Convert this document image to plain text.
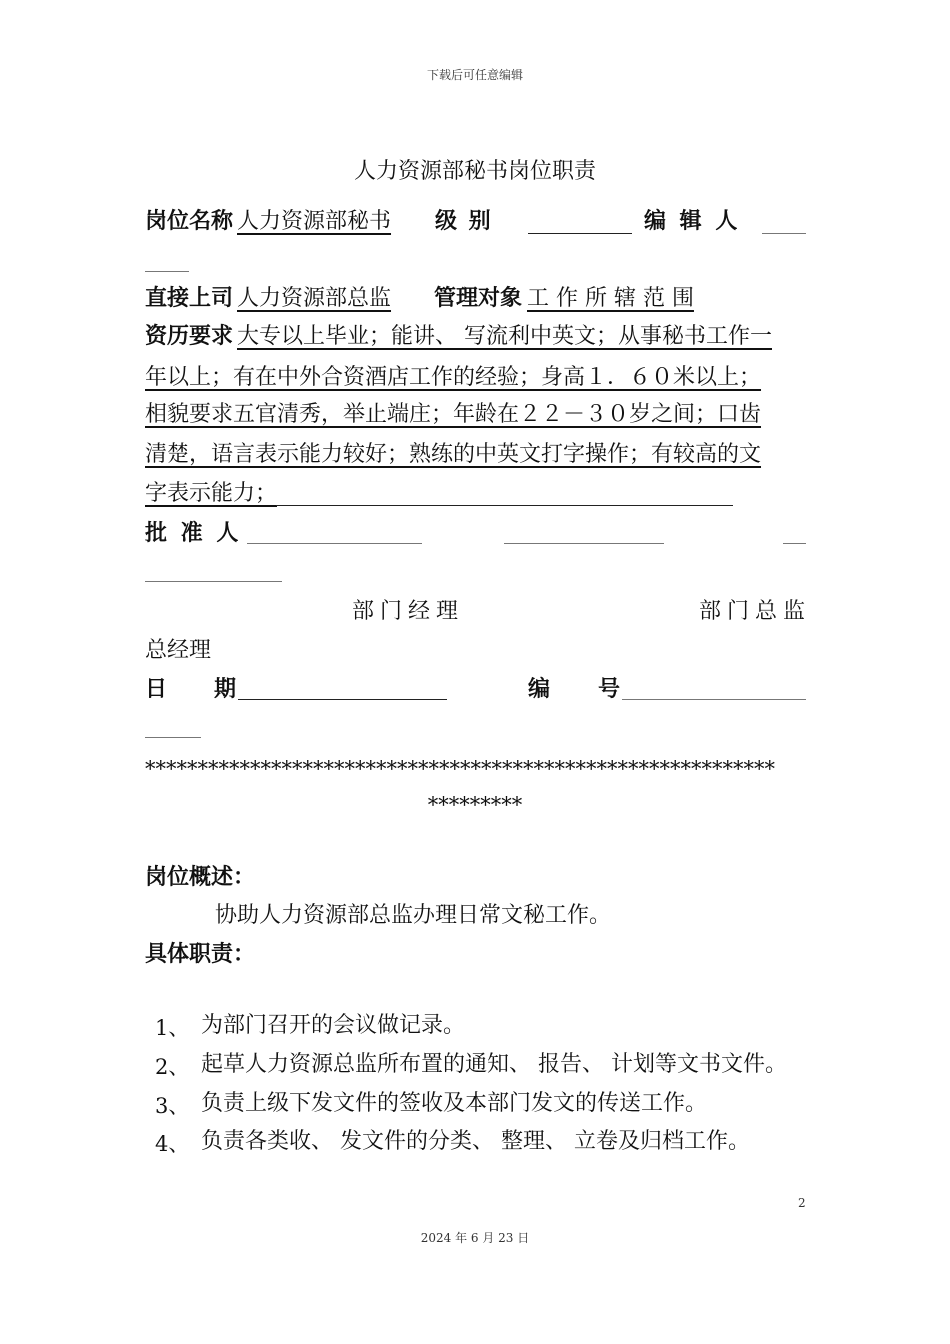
下载后可任意编辑
人力资源部秘书岗位职责
岗位名称 人力资源部秘书 级 别	编 辑 人
直接上司 人力资源部总监 管理对象 工 作 所 辖 范 围
资历要求 大专以上毕业；能讲、 写流利中英文；从事秘书工作一
年以上；有在中外合资酒店工作的经验；身高１．６０米以上；
相貌要求五官清秀，举止端庄；年龄在２２－３０岁之间；口齿
清楚，语言表示能力较好；熟练的中英文打字操作；有较高的文
字表示能力；
批 准 人
部门经理	部门总监
总经理
日 期	编 号
************************************************************
*********
岗位概述：
协助人力资源部总监办理日常文秘工作。
具体职责：
1、 为部门召开的会议做记录。
2、 起草人力资源总监所布置的通知、 报告、 计划等文书文件。
3、 负责上级下发文件的签收及本部门发文的传送工作。
4、 负责各类收、 发文件的分类、 整理、 立卷及归档工作。
2
2024 年 6 月 23 日
